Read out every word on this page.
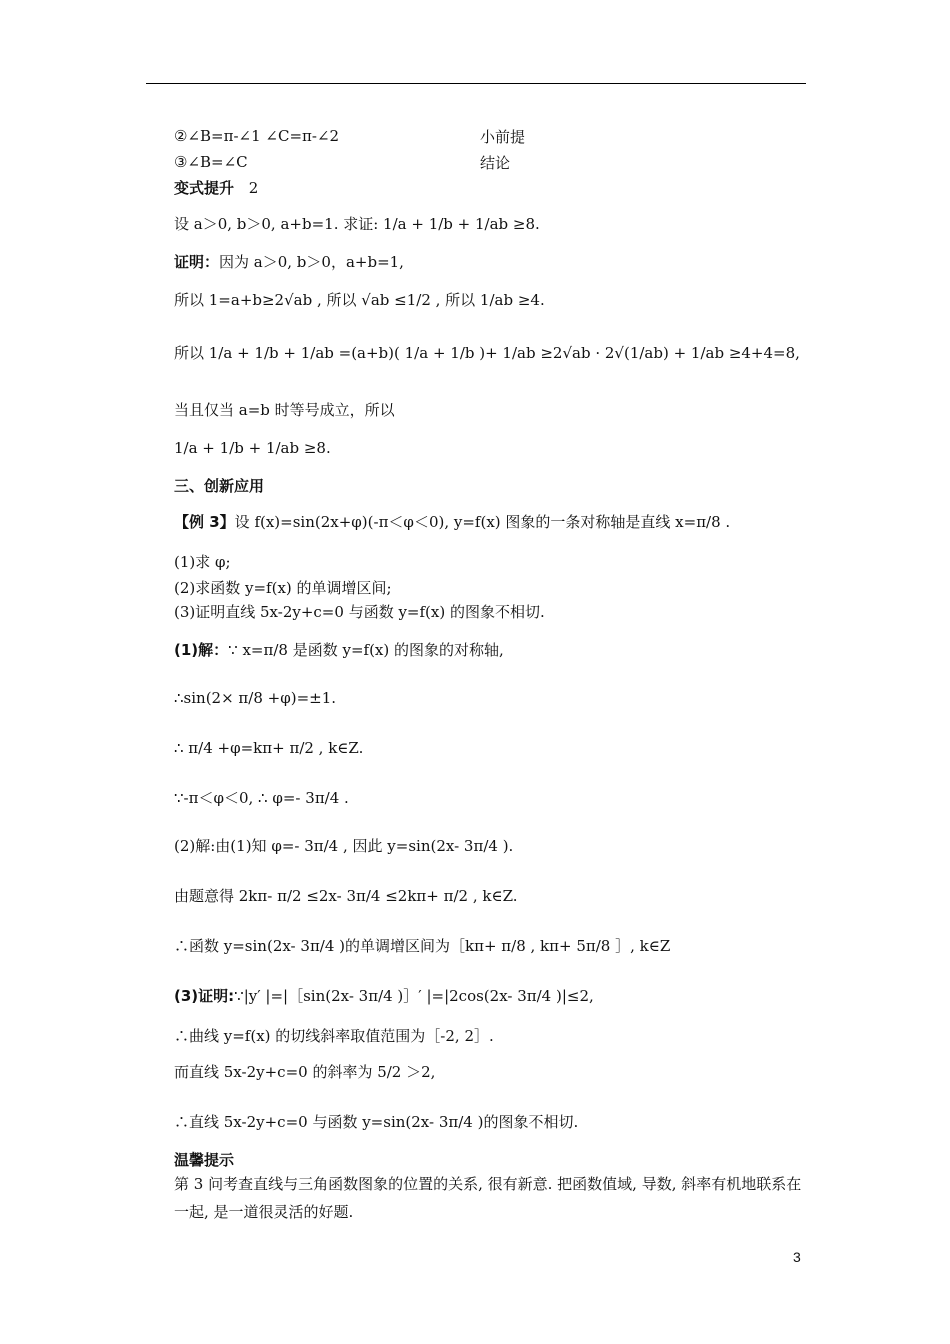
②∠B=π-∠1 ∠C=π-∠2	小前提
③∠B=∠C	结论
变式提升 2
设 a＞0, b＞0, a+b=1. 求证: 1/a + 1/b + 1/ab ≥8.
证明：因为 a＞0, b＞0，a+b=1,
所以 1=a+b≥2√ab , 所以 √ab ≤1/2 , 所以 1/ab ≥4.
所以 1/a + 1/b + 1/ab =(a+b)( 1/a + 1/b )+ 1/ab ≥2√ab · 2√(1/ab) + 1/ab ≥4+4=8,
当且仅当 a=b 时等号成立，所以
1/a + 1/b + 1/ab ≥8.
三、创新应用
【例 3】设 f(x)=sin(2x+φ)(-π＜φ＜0), y=f(x) 图象的一条对称轴是直线 x=π/8 .
(1)求 φ;
(2)求函数 y=f(x) 的单调增区间;
(3)证明直线 5x-2y+c=0 与函数 y=f(x) 的图象不相切.
(1)解：∵ x=π/8 是函数 y=f(x) 的图象的对称轴,
∴sin(2× π/8 +φ)=±1.
∴ π/4 +φ=kπ+ π/2 , k∈Z.
∵-π＜φ＜0, ∴ φ=- 3π/4 .
(2)解:由(1)知 φ=- 3π/4 , 因此 y=sin(2x- 3π/4 ).
由题意得 2kπ- π/2 ≤2x- 3π/4 ≤2kπ+ π/2 , k∈Z.
∴函数 y=sin(2x- 3π/4 )的单调增区间为［kπ+ π/8 , kπ+ 5π/8 ］, k∈Z
(3)证明:∵|y′ |=|［sin(2x- 3π/4 )］′ |=|2cos(2x- 3π/4 )|≤2,
∴曲线 y=f(x) 的切线斜率取值范围为［-2, 2］.
而直线 5x-2y+c=0 的斜率为 5/2 ＞2,
∴直线 5x-2y+c=0 与函数 y=sin(2x- 3π/4 )的图象不相切.
温馨提示
第 3 问考查直线与三角函数图象的位置的关系, 很有新意. 把函数值域, 导数, 斜率有机地联系在一起, 是一道很灵活的好题.
3
